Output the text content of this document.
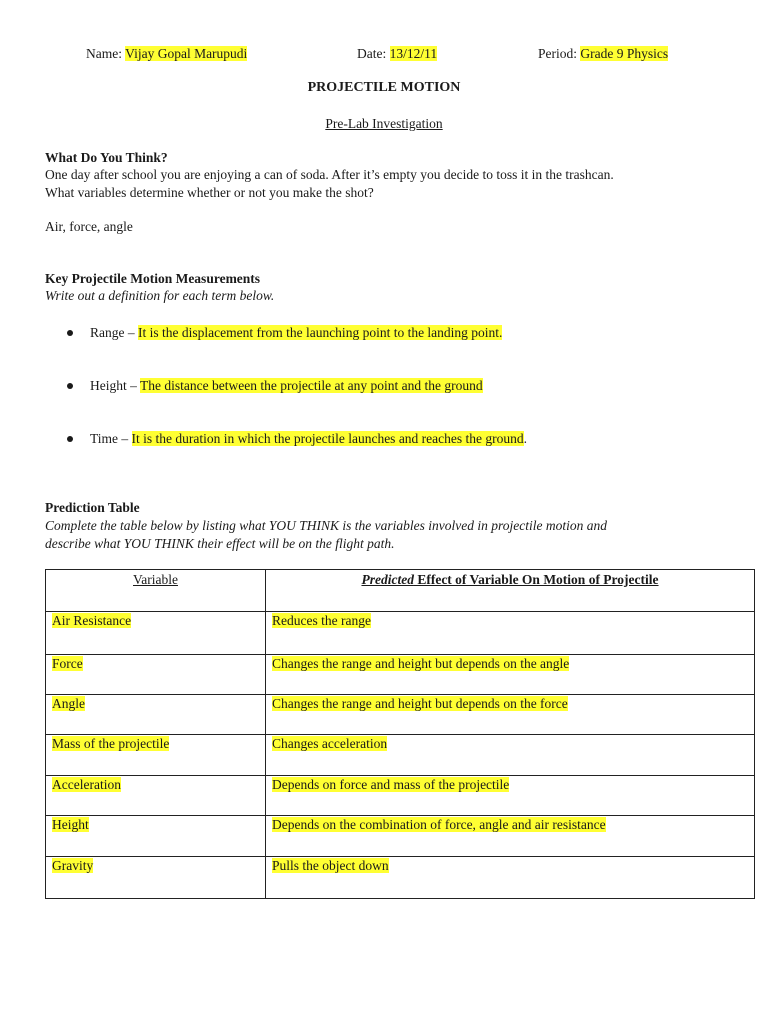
Name: Vijay Gopal Marupudi	Date: 13/12/11	Period: Grade 9 Physics
PROJECTILE MOTION
Pre-Lab Investigation
What Do You Think?
One day after school you are enjoying a can of soda. After it’s empty you decide to toss it in the trashcan.
What variables determine whether or not you make the shot?
Air, force, angle
Key Projectile Motion Measurements
Write out a definition for each term below.
Range – It is the displacement from the launching point to the landing point.
Height – The distance between the projectile at any point and the ground
Time – It is the duration in which the projectile launches and reaches the ground.
Prediction Table
Complete the table below by listing what YOU THINK is the variables involved in projectile motion and
describe what YOU THINK their effect will be on the flight path.
Variable	Predicted Effect of Variable On Motion of Projectile
Air Resistance	Reduces the range
Force	Changes the range and height but depends on the angle
Angle	Changes the range and height but depends on the force
Mass of the projectile	Changes acceleration
Acceleration	Depends on force and mass of the projectile
Height	Depends on the combination of force, angle and air resistance
Gravity	Pulls the object down
